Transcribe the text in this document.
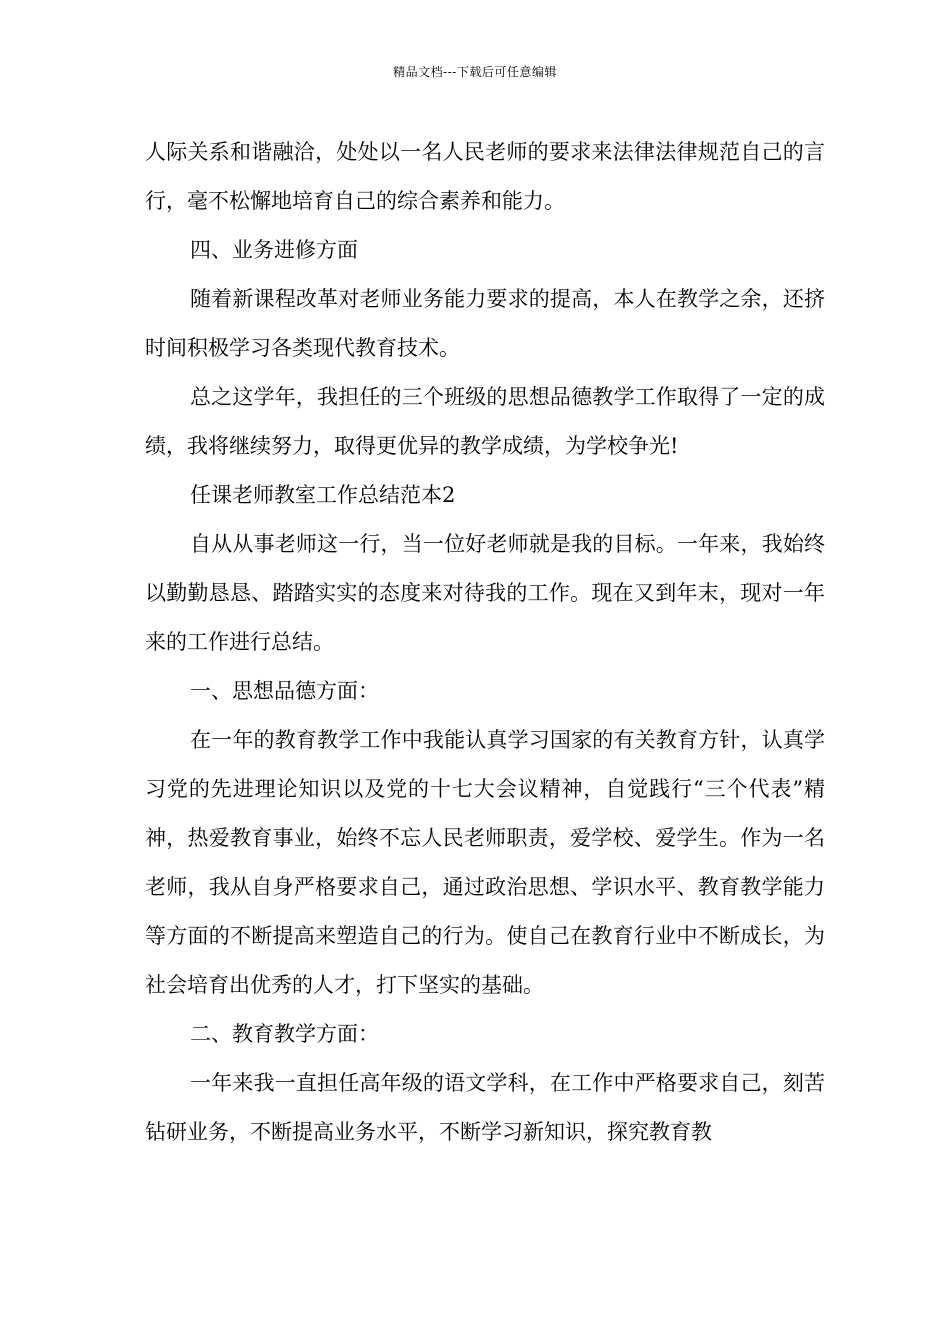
精品文档---下载后可任意编辑

人际关系和谐融洽，处处以一名人民老师的要求来法律法律规范自己的言行，毫不松懈地培育自己的综合素养和能力。

四、业务进修方面

随着新课程改革对老师业务能力要求的提高，本人在教学之余，还挤时间积极学习各类现代教育技术。

总之这学年，我担任的三个班级的思想品德教学工作取得了一定的成绩，我将继续努力，取得更优异的教学成绩，为学校争光!

任课老师教室工作总结范本2

自从从事老师这一行，当一位好老师就是我的目标。一年来，我始终以勤勤恳恳、踏踏实实的态度来对待我的工作。现在又到年末，现对一年来的工作进行总结。

一、思想品德方面：

在一年的教育教学工作中我能认真学习国家的有关教育方针，认真学习党的先进理论知识以及党的十七大会议精神，自觉践行“三个代表”精神，热爱教育事业，始终不忘人民老师职责，爱学校、爱学生。作为一名老师，我从自身严格要求自己，通过政治思想、学识水平、教育教学能力等方面的不断提高来塑造自己的行为。使自己在教育行业中不断成长，为社会培育出优秀的人才，打下坚实的基础。

二、教育教学方面：

一年来我一直担任高年级的语文学科，在工作中严格要求自己，刻苦钻研业务，不断提高业务水平，不断学习新知识，探究教育教
